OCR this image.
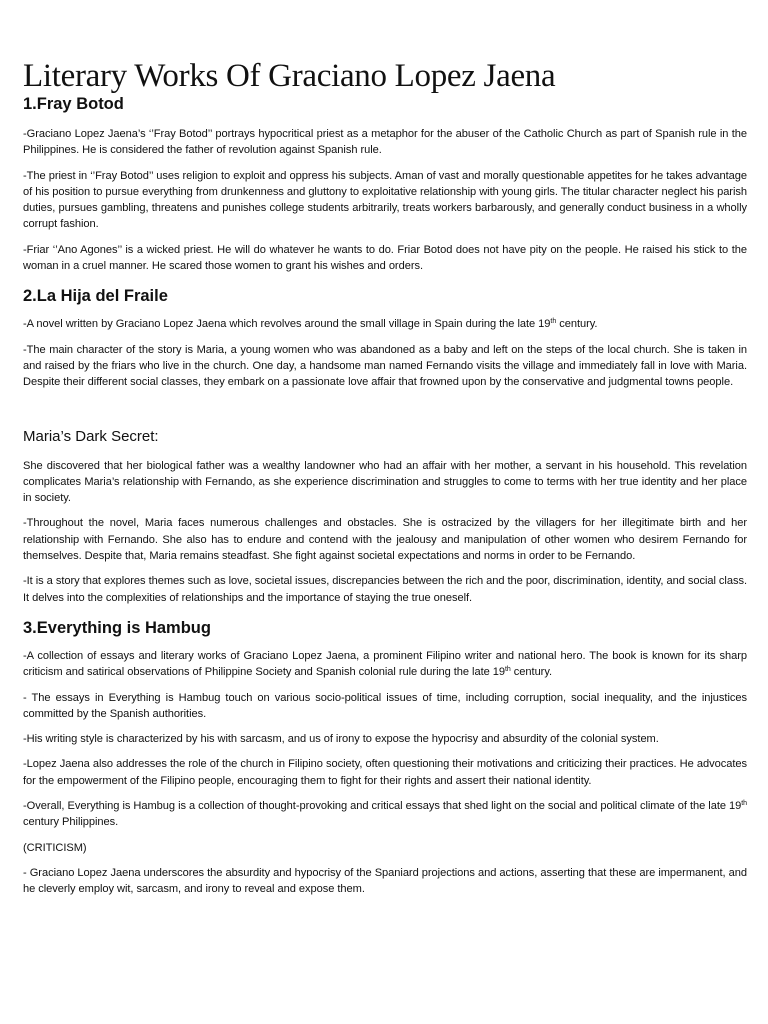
Literary Works Of Graciano Lopez Jaena
1.Fray Botod

-Graciano Lopez Jaena’s ‘’Fray Botod’’ portrays hypocritical priest as a metaphor for the abuser of the Catholic Church as part of Spanish rule in the Philippines. He is considered the father of revolution against Spanish rule.

-The priest in ‘’Fray Botod’’ uses religion to exploit and oppress his subjects. Aman of vast and morally questionable appetites for he takes advantage of his position to pursue everything from drunkenness and gluttony to exploitative relationship with young girls. The titular character neglect his parish duties, pursues gambling, threatens and punishes college students arbitrarily, treats workers barbarously, and generally conduct business in a wholly corrupt fashion.

-Friar ‘’Ano Agones’’ is a wicked priest. He will do whatever he wants to do. Friar Botod does not have pity on the people. He raised his stick to the woman in a cruel manner. He scared those women to grant his wishes and orders.

2.La Hija del Fraile

-A novel written by Graciano Lopez Jaena which revolves around the small village in Spain during the late 19th century.

-The main character of the story is Maria, a young women who was abandoned as a baby and left on the steps of the local church. She is taken in and raised by the friars who live in the church. One day, a handsome man named Fernando visits the village and immediately fall in love with Maria. Despite their different social classes, they embark on a passionate love affair that frowned upon by the conservative and judgmental towns people.

Maria’s Dark Secret:

She discovered that her biological father was a wealthy landowner who had an affair with her mother, a servant in his household. This revelation complicates Maria’s relationship with Fernando, as she experience discrimination and struggles to come to terms with her true identity and her place in society.

-Throughout the novel, Maria faces numerous challenges and obstacles. She is ostracized by the villagers for her illegitimate birth and her relationship with Fernando. She also has to endure and contend with the jealousy and manipulation of other women who desirem Fernando for themselves. Despite that, Maria remains steadfast. She fight against societal expectations and norms in order to be Fernando.

-It is a story that explores themes such as love, societal issues, discrepancies between the rich and the poor, discrimination, identity, and social class. It delves into the complexities of relationships and the importance of staying the true oneself.

3.Everything is Hambug

-A collection of essays and literary works of Graciano Lopez Jaena, a prominent Filipino writer and national hero. The book is known for its sharp criticism and satirical observations of Philippine Society and Spanish colonial rule during the late 19th century.

- The essays in Everything is Hambug touch on various socio-political issues of time, including corruption, social inequality, and the injustices committed by the Spanish authorities.

-His writing style is characterized by his with sarcasm, and us of irony to expose the hypocrisy and absurdity of the colonial system.

-Lopez Jaena also addresses the role of the church in Filipino society, often questioning their motivations and criticizing their practices. He advocates for the empowerment of the Filipino people, encouraging them to fight for their rights and assert their national identity.

-Overall, Everything is Hambug is a collection of thought-provoking and critical essays that shed light on the social and political climate of the late 19th century Philippines.

(CRITICISM)

- Graciano Lopez Jaena underscores the absurdity and hypocrisy of the Spaniard projections and actions, asserting that these are impermanent, and he cleverly employ wit, sarcasm, and irony to reveal and expose them.
